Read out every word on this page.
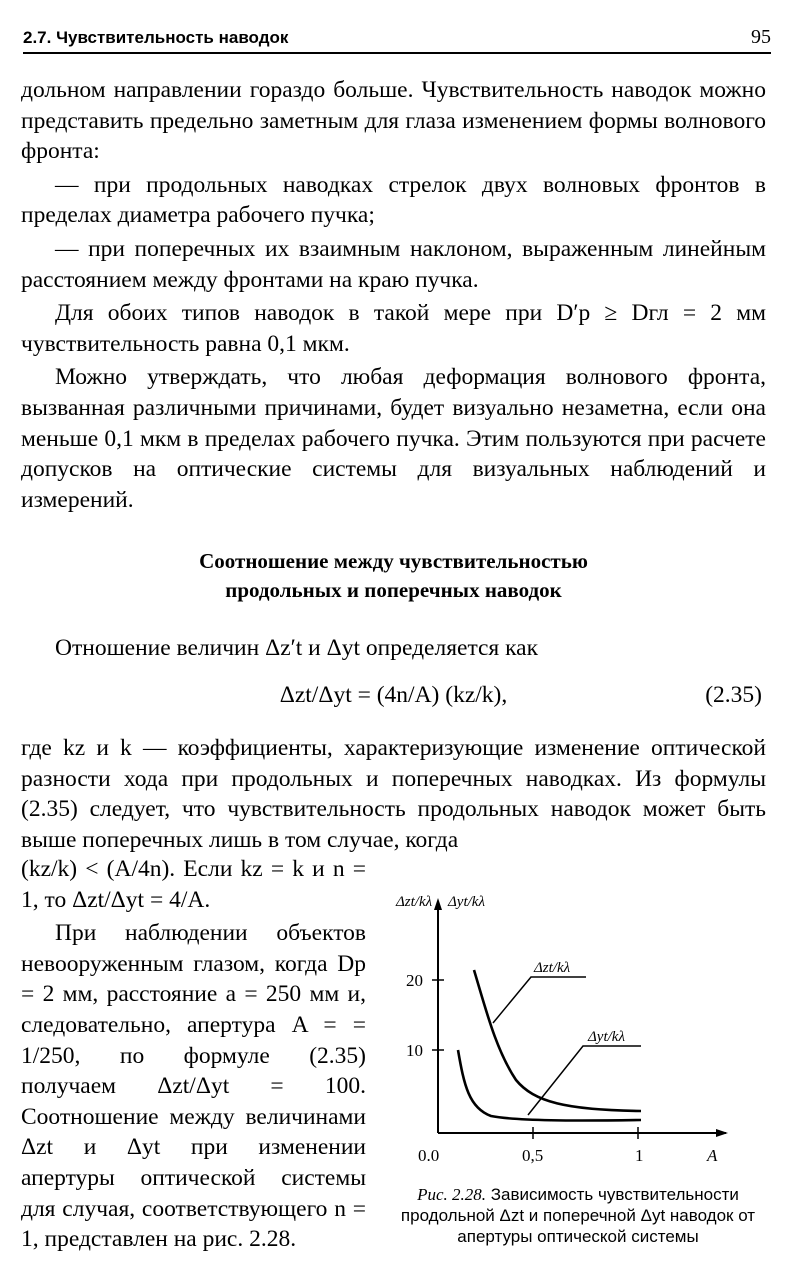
2.7. Чувствительность наводок	95

дольном направлении гораздо больше. Чувствительность наводок можно представить предельно заметным для глаза изменением формы волнового фронта:

— при продольных наводках стрелок двух волновых фронтов в пределах диаметра рабочего пучка;

— при поперечных их взаимным наклоном, выраженным линейным расстоянием между фронтами на краю пучка.

Для обоих типов наводок в такой мере при D′p ≥ Dгл = 2 мм чувствительность равна 0,1 мкм.

Можно утверждать, что любая деформация волнового фронта, вызванная различными причинами, будет визуально незаметна, если она меньше 0,1 мкм в пределах рабочего пучка. Этим пользуются при расчете допусков на оптические системы для визуальных наблюдений и измерений.

Соотношение между чувствительностью
продольных и поперечных наводок

Отношение величин Δz′t и Δyt определяется как

Δzt/Δyt = (4n/A) (kz/k),	(2.35)

где kz и k — коэффициенты, характеризующие изменение оптической разности хода при продольных и поперечных наводках. Из формулы (2.35) следует, что чувствительность продольных наводок может быть выше поперечных лишь в том случае, когда

(kz/k) < (A/4n). Если kz = k и n = 1, то Δzt/Δyt = 4/A.

При наблюдении объектов невооруженным глазом, когда Dp = 2 мм, расстояние a = 250 мм и, следовательно, апертура A = = 1/250, по формуле (2.35) получаем Δzt/Δyt = 100. Соотношение между величинами Δzt и Δyt при изменении апертуры оптической системы для случая, соответствующего n = 1, представлен на рис. 2.28.

Δzt/kλ Δyt/kλ
20
10
0.0	0,5	1	A
Δzt/kλ
Δyt/kλ
Рис. 2.28. Зависимость чувствительности продольной Δzt и поперечной Δyt наводок от апертуры оптической системы
